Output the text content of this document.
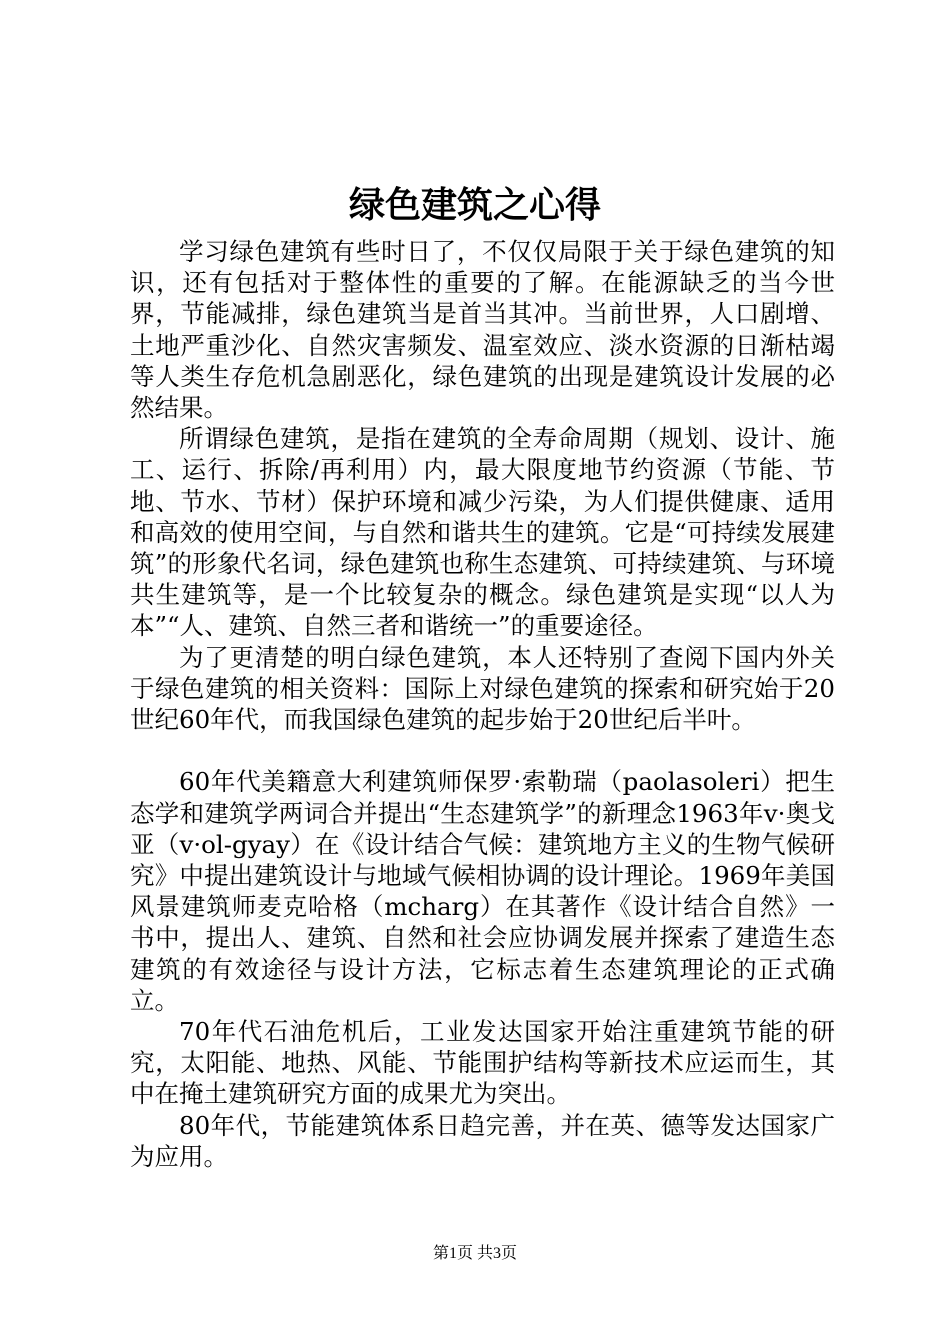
绿色建筑之心得

学习绿色建筑有些时日了，不仅仅局限于关于绿色建筑的知识，还有包括对于整体性的重要的了解。在能源缺乏的当今世界，节能减排，绿色建筑当是首当其冲。当前世界，人口剧增、土地严重沙化、自然灾害频发、温室效应、淡水资源的日渐枯竭等人类生存危机急剧恶化，绿色建筑的出现是建筑设计发展的必然结果。

所谓绿色建筑，是指在建筑的全寿命周期（规划、设计、施工、运行、拆除/再利用）内，最大限度地节约资源（节能、节地、节水、节材）保护环境和减少污染，为人们提供健康、适用和高效的使用空间，与自然和谐共生的建筑。它是“可持续发展建筑”的形象代名词，绿色建筑也称生态建筑、可持续建筑、与环境共生建筑等，是一个比较复杂的概念。绿色建筑是实现“以人为本”“人、建筑、自然三者和谐统一”的重要途径。

为了更清楚的明白绿色建筑，本人还特别了查阅下国内外关于绿色建筑的相关资料：国际上对绿色建筑的探索和研究始于20世纪60年代，而我国绿色建筑的起步始于20世纪后半叶。

60年代美籍意大利建筑师保罗·索勒瑞（paolasoleri）把生态学和建筑学两词合并提出“生态建筑学”的新理念1963年v·奥戈亚（v·ol-gyay）在《设计结合气候：建筑地方主义的生物气候研究》中提出建筑设计与地域气候相协调的设计理论。1969年美国风景建筑师麦克哈格（mcharg）在其著作《设计结合自然》一书中，提出人、建筑、自然和社会应协调发展并探索了建造生态建筑的有效途径与设计方法，它标志着生态建筑理论的正式确立。

70年代石油危机后，工业发达国家开始注重建筑节能的研究，太阳能、地热、风能、节能围护结构等新技术应运而生，其中在掩土建筑研究方面的成果尤为突出。

80年代，节能建筑体系日趋完善，并在英、德等发达国家广为应用。

第1页 共3页
